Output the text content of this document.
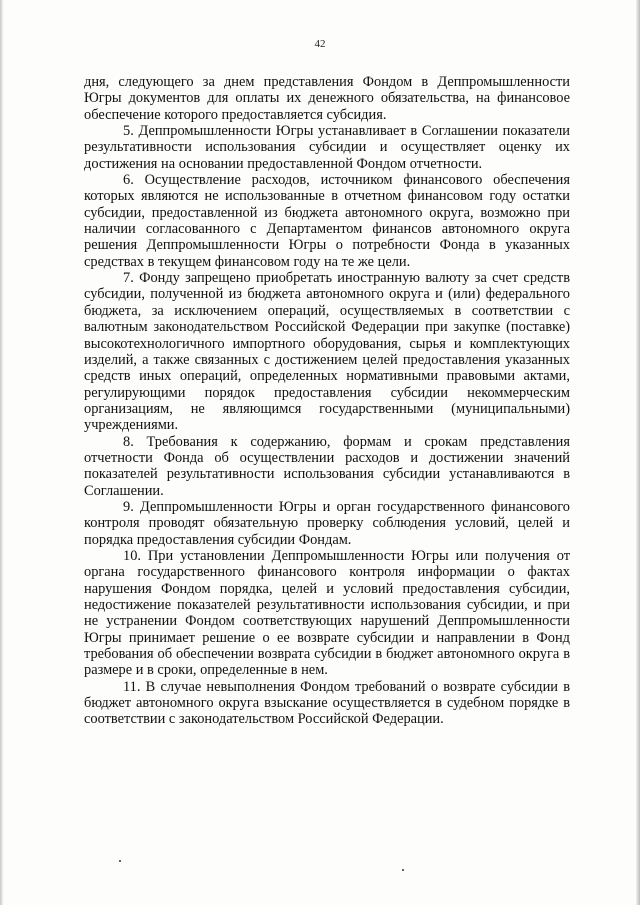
42

дня, следующего за днем представления Фондом в Деппромышленности Югры документов для оплаты их денежного обязательства, на финансовое обеспечение которого предоставляется субсидия.

5. Деппромышленности Югры устанавливает в Соглашении показатели результативности использования субсидии и осуществляет оценку их достижения на основании предоставленной Фондом отчетности.

6. Осуществление расходов, источником финансового обеспечения которых являются не использованные в отчетном финансовом году остатки субсидии, предоставленной из бюджета автономного округа, возможно при наличии согласованного с Департаментом финансов автономного округа решения Деппромышленности Югры о потребности Фонда в указанных средствах в текущем финансовом году на те же цели.

7. Фонду запрещено приобретать иностранную валюту за счет средств субсидии, полученной из бюджета автономного округа и (или) федерального бюджета, за исключением операций, осуществляемых в соответствии с валютным законодательством Российской Федерации при закупке (поставке) высокотехнологичного импортного оборудования, сырья и комплектующих изделий, а также связанных с достижением целей предоставления указанных средств иных операций, определенных нормативными правовыми актами, регулирующими порядок предоставления субсидии некоммерческим организациям, не являющимся государственными (муниципальными) учреждениями.

8. Требования к содержанию, формам и срокам представления отчетности Фонда об осуществлении расходов и достижении значений показателей результативности использования субсидии устанавливаются в Соглашении.

9. Деппромышленности Югры и орган государственного финансового контроля проводят обязательную проверку соблюдения условий, целей и порядка предоставления субсидии Фондам.

10. При установлении Деппромышленности Югры или получения от органа государственного финансового контроля информации о фактах нарушения Фондом порядка, целей и условий предоставления субсидии, недостижение показателей результативности использования субсидии, и при не устранении Фондом соответствующих нарушений Деппромышленности Югры принимает решение о ее возврате субсидии и направлении в Фонд требования об обеспечении возврата субсидии в бюджет автономного округа в размере и в сроки, определенные в нем.

11. В случае невыполнения Фондом требований о возврате субсидии в бюджет автономного округа взыскание осуществляется в судебном порядке в соответствии с законодательством Российской Федерации.
